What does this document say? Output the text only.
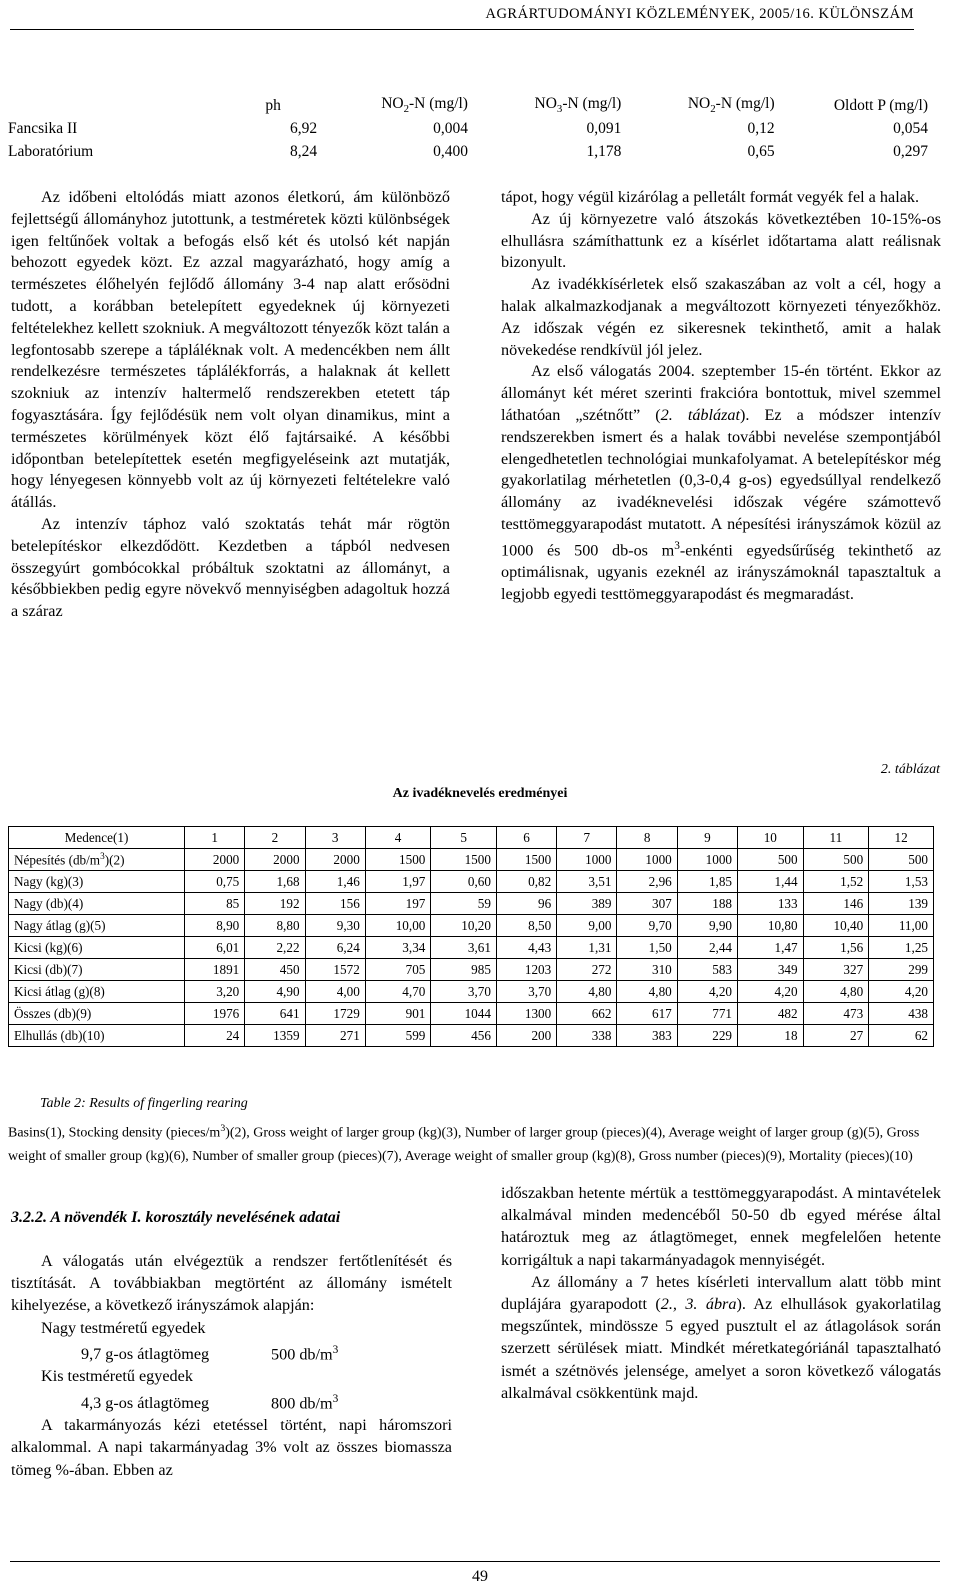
AGRÁRTUDOMÁNYI KÖZLEMÉNYEK, 2005/16. KÜLÖNSZÁM
	ph	$NO_2-N$ (mg/l)	$NO_3-N$ (mg/l)	$NO_2-N$ (mg/l)	Oldott P (mg/l)
Fancsika II	6,92	0,004	0,091	0,12	0,054
Laboratórium	8,24	0,400	1,178	0,65	0,297

Az időbeni eltolódás miatt azonos életkorú, ám különböző fejlettségű állományhoz jutottunk, a testméretek közti különbségek igen feltűnőek voltak a befogás első két és utolsó két napján behozott egyedek közt. Ez azzal magyarázható, hogy amíg a természetes élőhelyén fejlődő állomány 3-4 nap alatt erősödni tudott, a korábban betelepített egyedeknek új környezeti feltételekhez kellett szokniuk. A megváltozott tényezők közt talán a legfontosabb szerepe a tápláléknak volt. A medencékben nem állt rendelkezésre természetes táplálékforrás, a halaknak át kellett szokniuk az intenzív haltermelő rendszerekben etetett táp fogyasztására. Így fejlődésük nem volt olyan dinamikus, mint a természetes körülmények közt élő fajtársaiké. A későbbi időpontban betelepítettek esetén megfigyeléseink azt mutatják, hogy lényegesen könnyebb volt az új környezeti feltételekre való átállás.

Az intenzív táphoz való szoktatás tehát már rögtön betelepítéskor elkezdődött. Kezdetben a tápból nedvesen összegyúrt gombócokkal próbáltuk szoktatni az állományt, a későbbiekben pedig egyre növekvő mennyiségben adagoltuk hozzá a száraz

tápot, hogy végül kizárólag a pelletált formát vegyék fel a halak.

Az új környezetre való átszokás következtében 10-15%-os elhullásra számíthattunk ez a kísérlet időtartama alatt reálisnak bizonyult.

Az ivadékkísérletek első szakaszában az volt a cél, hogy a halak alkalmazkodjanak a megváltozott környezeti tényezőkhöz. Az időszak végén ez sikeresnek tekinthető, amit a halak növekedése rendkívül jól jelez.

Az első válogatás 2004. szeptember 15-én történt. Ekkor az állományt két méret szerinti frakcióra bontottuk, mivel szemmel láthatóan „szétnőtt” (2. táblázat). Ez a módszer intenzív rendszerekben ismert és a halak további nevelése szempontjából elengedhetetlen technológiai munkafolyamat. A betelepítéskor még gyakorlatilag mérhetetlen (0,3-0,4 g-os) egyedsúllyal rendelkező állomány az ivadéknevelési időszak végére számottevő testtömeggyarapodást mutatott. A népesítési irányszámok közül az 1000 és 500 db-os $m^3$-enkénti egyedsűrűség tekinthető az optimálisnak, ugyanis ezeknél az irányszámoknál tapasztaltuk a legjobb egyedi testtömeggyarapodást és megmaradást.

2. táblázat
Az ivadéknevelés eredményei
Medence(1)	1	2	3	4	5	6	7	8	9	10	11	12
Népesítés $(db/m^3)(2)$	2000	2000	2000	1500	1500	1500	1000	1000	1000	500	500	500
Nagy (kg)(3)	0,75	1,68	1,46	1,97	0,60	0,82	3,51	2,96	1,85	1,44	1,52	1,53
Nagy (db)(4)	85	192	156	197	59	96	389	307	188	133	146	139
Nagy átlag (g)(5)	8,90	8,80	9,30	10,00	10,20	8,50	9,00	9,70	9,90	10,80	10,40	11,00
Kicsi (kg)(6)	6,01	2,22	6,24	3,34	3,61	4,43	1,31	1,50	2,44	1,47	1,56	1,25
Kicsi (db)(7)	1891	450	1572	705	985	1203	272	310	583	349	327	299
Kicsi átlag (g)(8)	3,20	4,90	4,00	4,70	3,70	3,70	4,80	4,80	4,20	4,20	4,80	4,20
Összes (db)(9)	1976	641	1729	901	1044	1300	662	617	771	482	473	438
Elhullás (db)(10)	24	1359	271	599	456	200	338	383	229	18	27	62
Table 2: Results of fingerling rearing
Basins(1), Stocking density $(pieces/m^3)(2)$, Gross weight of larger group (kg)(3), Number of larger group (pieces)(4), Average weight of larger group (g)(5), Gross weight of smaller group (kg)(6), Number of smaller group (pieces)(7), Average weight of smaller group (kg)(8), Gross number (pieces)(9), Mortality (pieces)(10)
3.2.2. A növendék I. korosztály nevelésének adatai

A válogatás után elvégeztük a rendszer fertőtlenítését és tisztítását. A továbbiakban megtörtént az állomány ismételt kihelyezése, a következő irányszámok alapján:

Nagy testméretű egyedek

9,7 g-os átlagtömeg	500 $db/m^3$

Kis testméretű egyedek

4,3 g-os átlagtömeg	800 $db/m^3$

A takarmányozás kézi etetéssel történt, napi háromszori alkalommal. A napi takarmányadag 3% volt az összes biomassza tömeg %-ában. Ebben az

időszakban hetente mértük a testtömeggyarapodást. A mintavételek alkalmával minden medencéből 50-50 db egyed mérése által határoztuk meg az átlagtömeget, ennek megfelelően hetente korrigáltuk a napi takarmányadagok mennyiségét.

Az állomány a 7 hetes kísérleti intervallum alatt több mint duplájára gyarapodott (2., 3. ábra). Az elhullások gyakorlatilag megszűntek, mindössze 5 egyed pusztult el az átlagolások során szerzett sérülések miatt. Mindkét méretkategóriánál tapasztalható ismét a szétnövés jelensége, amelyet a soron következő válogatás alkalmával csökkentünk majd.

49
